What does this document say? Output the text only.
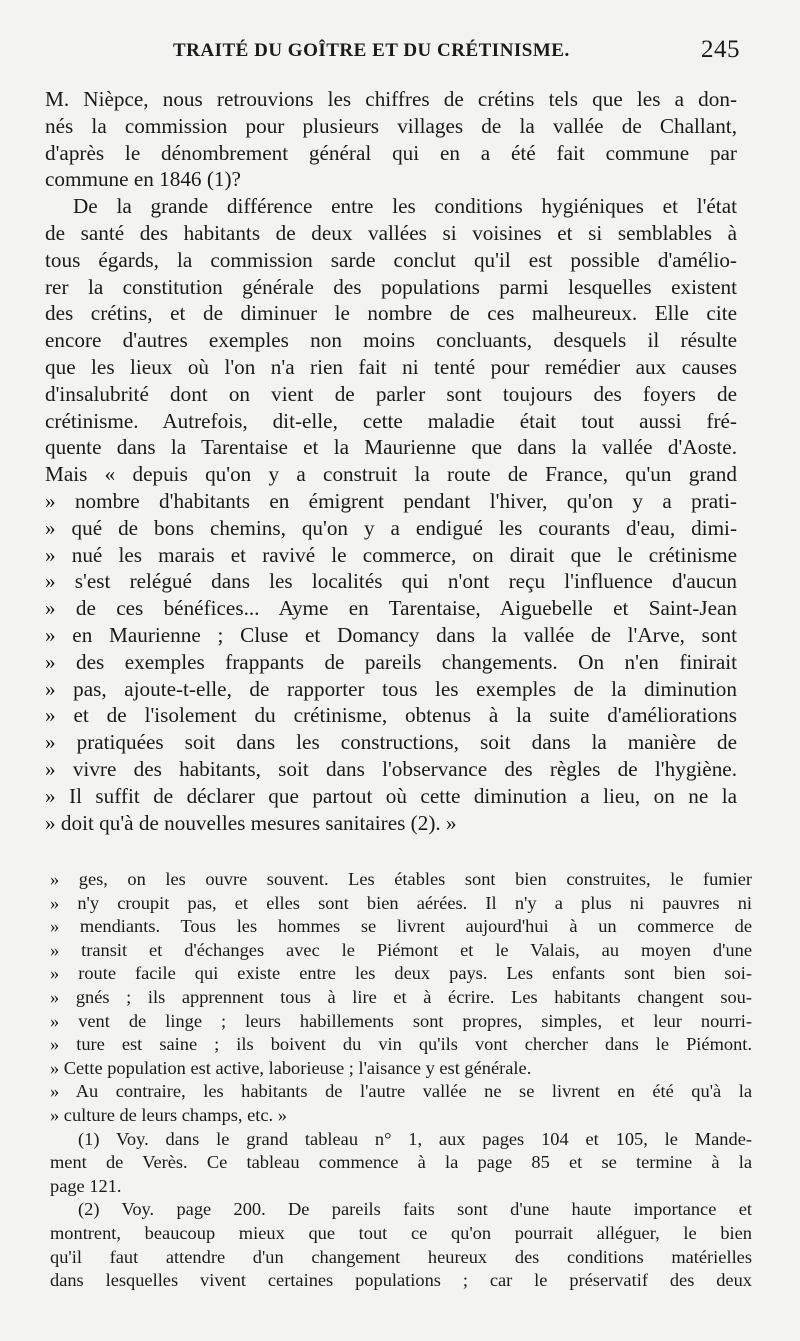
TRAITÉ DU GOÎTRE ET DU CRÉTINISME.	245

M. Nièpce, nous retrouvions les chiffres de crétins tels que les a don-

nés la commission pour plusieurs villages de la vallée de Challant,

d'après le dénombrement général qui en a été fait commune par

commune en 1846 (1)?

De la grande différence entre les conditions hygiéniques et l'état

de santé des habitants de deux vallées si voisines et si semblables à

tous égards, la commission sarde conclut qu'il est possible d'amélio-

rer la constitution générale des populations parmi lesquelles existent

des crétins, et de diminuer le nombre de ces malheureux. Elle cite

encore d'autres exemples non moins concluants, desquels il résulte

que les lieux où l'on n'a rien fait ni tenté pour remédier aux causes

d'insalubrité dont on vient de parler sont toujours des foyers de

crétinisme. Autrefois, dit-elle, cette maladie était tout aussi fré-

quente dans la Tarentaise et la Maurienne que dans la vallée d'Aoste.

Mais « depuis qu'on y a construit la route de France, qu'un grand

» nombre d'habitants en émigrent pendant l'hiver, qu'on y a prati-

» qué de bons chemins, qu'on y a endigué les courants d'eau, dimi-

» nué les marais et ravivé le commerce, on dirait que le crétinisme

» s'est relégué dans les localités qui n'ont reçu l'influence d'aucun

» de ces bénéfices... Ayme en Tarentaise, Aiguebelle et Saint-Jean

» en Maurienne ; Cluse et Domancy dans la vallée de l'Arve, sont

» des exemples frappants de pareils changements. On n'en finirait

» pas, ajoute-t-elle, de rapporter tous les exemples de la diminution

» et de l'isolement du crétinisme, obtenus à la suite d'améliorations

» pratiquées soit dans les constructions, soit dans la manière de

» vivre des habitants, soit dans l'observance des règles de l'hygiène.

» Il suffit de déclarer que partout où cette diminution a lieu, on ne la

» doit qu'à de nouvelles mesures sanitaires (2). »

» ges, on les ouvre souvent. Les étables sont bien construites, le fumier

» n'y croupit pas, et elles sont bien aérées. Il n'y a plus ni pauvres ni

» mendiants. Tous les hommes se livrent aujourd'hui à un commerce de

» transit et d'échanges avec le Piémont et le Valais, au moyen d'une

» route facile qui existe entre les deux pays. Les enfants sont bien soi-

» gnés ; ils apprennent tous à lire et à écrire. Les habitants changent sou-

» vent de linge ; leurs habillements sont propres, simples, et leur nourri-

» ture est saine ; ils boivent du vin qu'ils vont chercher dans le Piémont.

» Cette population est active, laborieuse ; l'aisance y est générale.

» Au contraire, les habitants de l'autre vallée ne se livrent en été qu'à la

» culture de leurs champs, etc. »

(1) Voy. dans le grand tableau n° 1, aux pages 104 et 105, le Mande-

ment de Verès. Ce tableau commence à la page 85 et se termine à la

page 121.

(2) Voy. page 200. De pareils faits sont d'une haute importance et

montrent, beaucoup mieux que tout ce qu'on pourrait alléguer, le bien

qu'il faut attendre d'un changement heureux des conditions matérielles

dans lesquelles vivent certaines populations ; car le préservatif des deux
